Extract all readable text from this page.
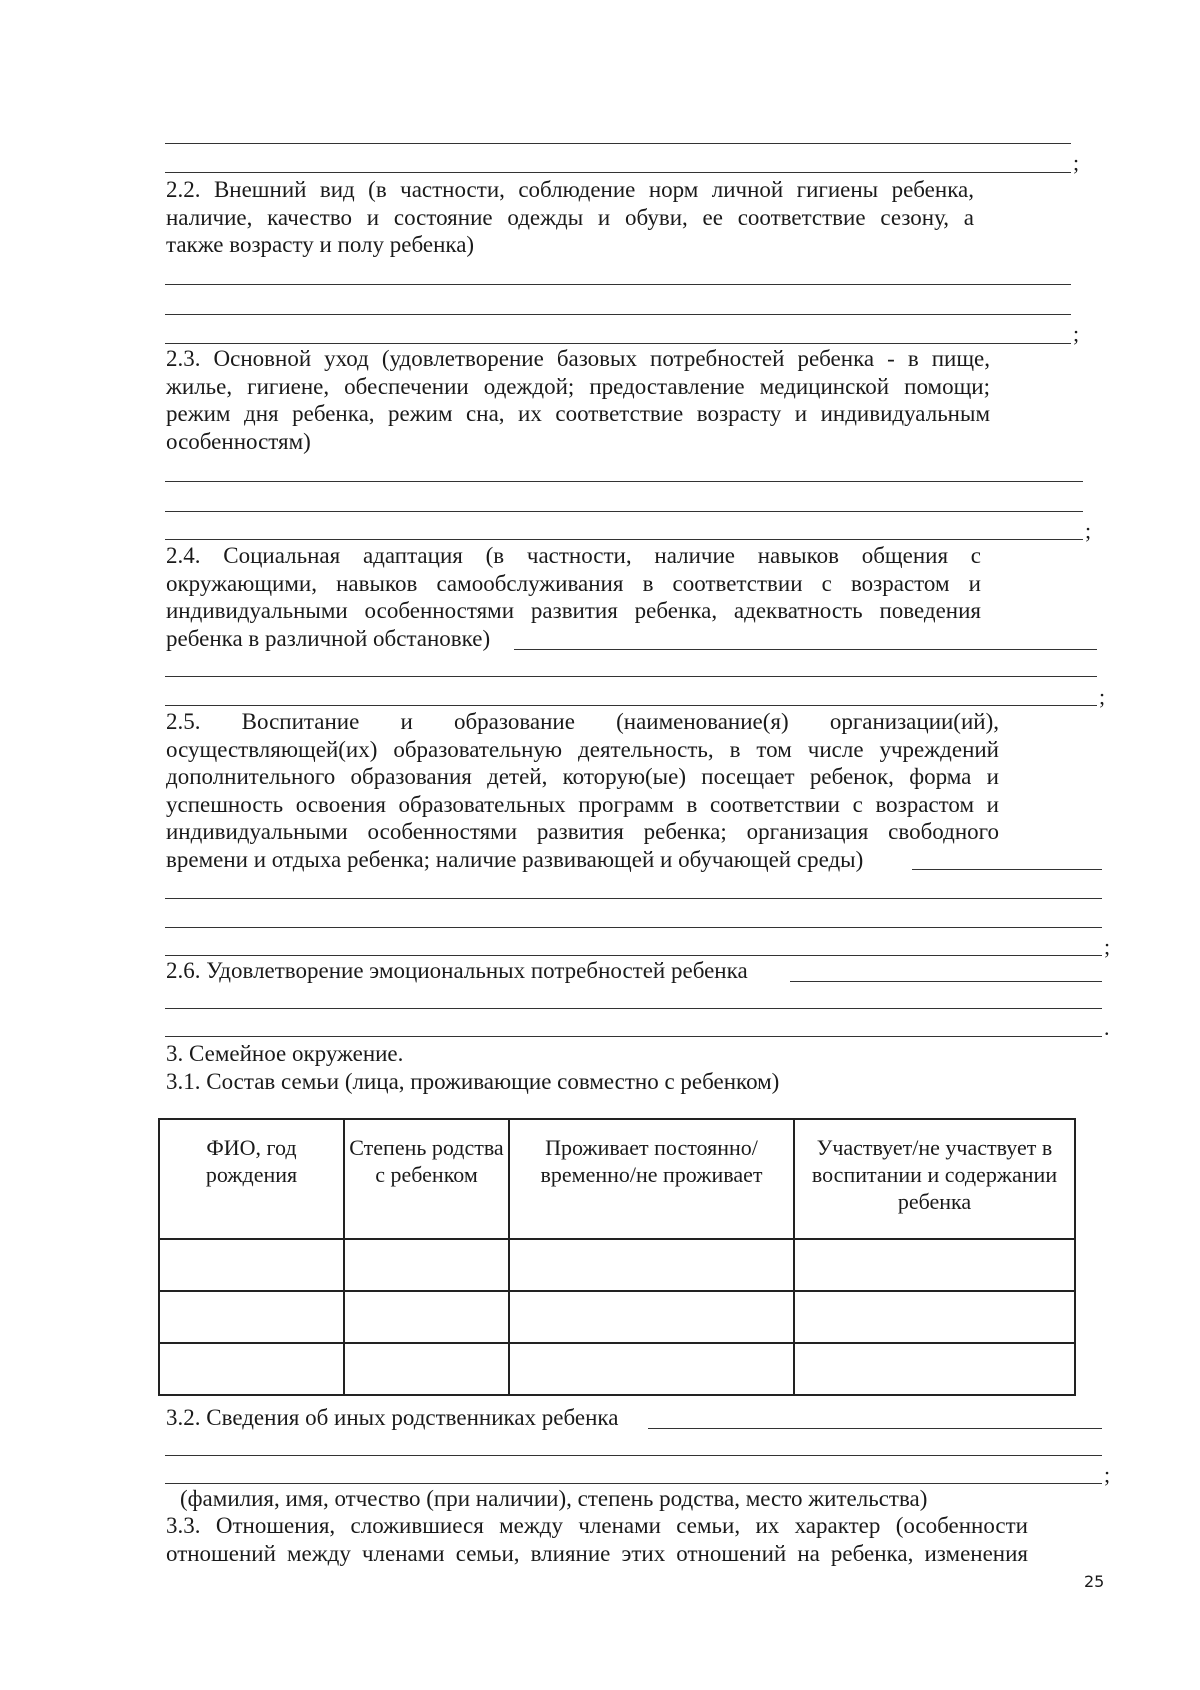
;
2.2. Внешний вид (в частности, соблюдение норм личной гигиены ребенка,
наличие, качество и состояние одежды и обуви, ее соответствие сезону, а
также возрасту и полу ребенка)
;
2.3. Основной уход (удовлетворение базовых потребностей ребенка - в пище,
жилье, гигиене, обеспечении одеждой; предоставление медицинской помощи;
режим дня ребенка, режим сна, их соответствие возрасту и индивидуальным
особенностям)
;
2.4. Социальная адаптация (в частности, наличие навыков общения с
окружающими, навыков самообслуживания в соответствии с возрастом и
индивидуальными особенностями развития ребенка, адекватность поведения
ребенка в различной обстановке)
;
2.5. Воспитание и образование (наименование(я) организации(ий),
осуществляющей(их) образовательную деятельность, в том числе учреждений
дополнительного образования детей, которую(ые) посещает ребенок, форма и
успешность освоения образовательных программ в соответствии с возрастом и
индивидуальными особенностями развития ребенка; организация свободного
времени и отдыха ребенка; наличие развивающей и обучающей среды)
;
2.6. Удовлетворение эмоциональных потребностей ребенка
.
3. Семейное окружение.
3.1. Состав семьи (лица, проживающие совместно с ребенком)
ФИО, год рождения	Степень родства с ребенком	Проживает постоянно/временно/не проживает	Участвует/не участвует в воспитании и содержании ребенка

3.2. Сведения об иных родственниках ребенка
;
(фамилия, имя, отчество (при наличии), степень родства, место жительства)
3.3. Отношения, сложившиеся между членами семьи, их характер (особенности
отношений между членами семьи, влияние этих отношений на ребенка, изменения
25
